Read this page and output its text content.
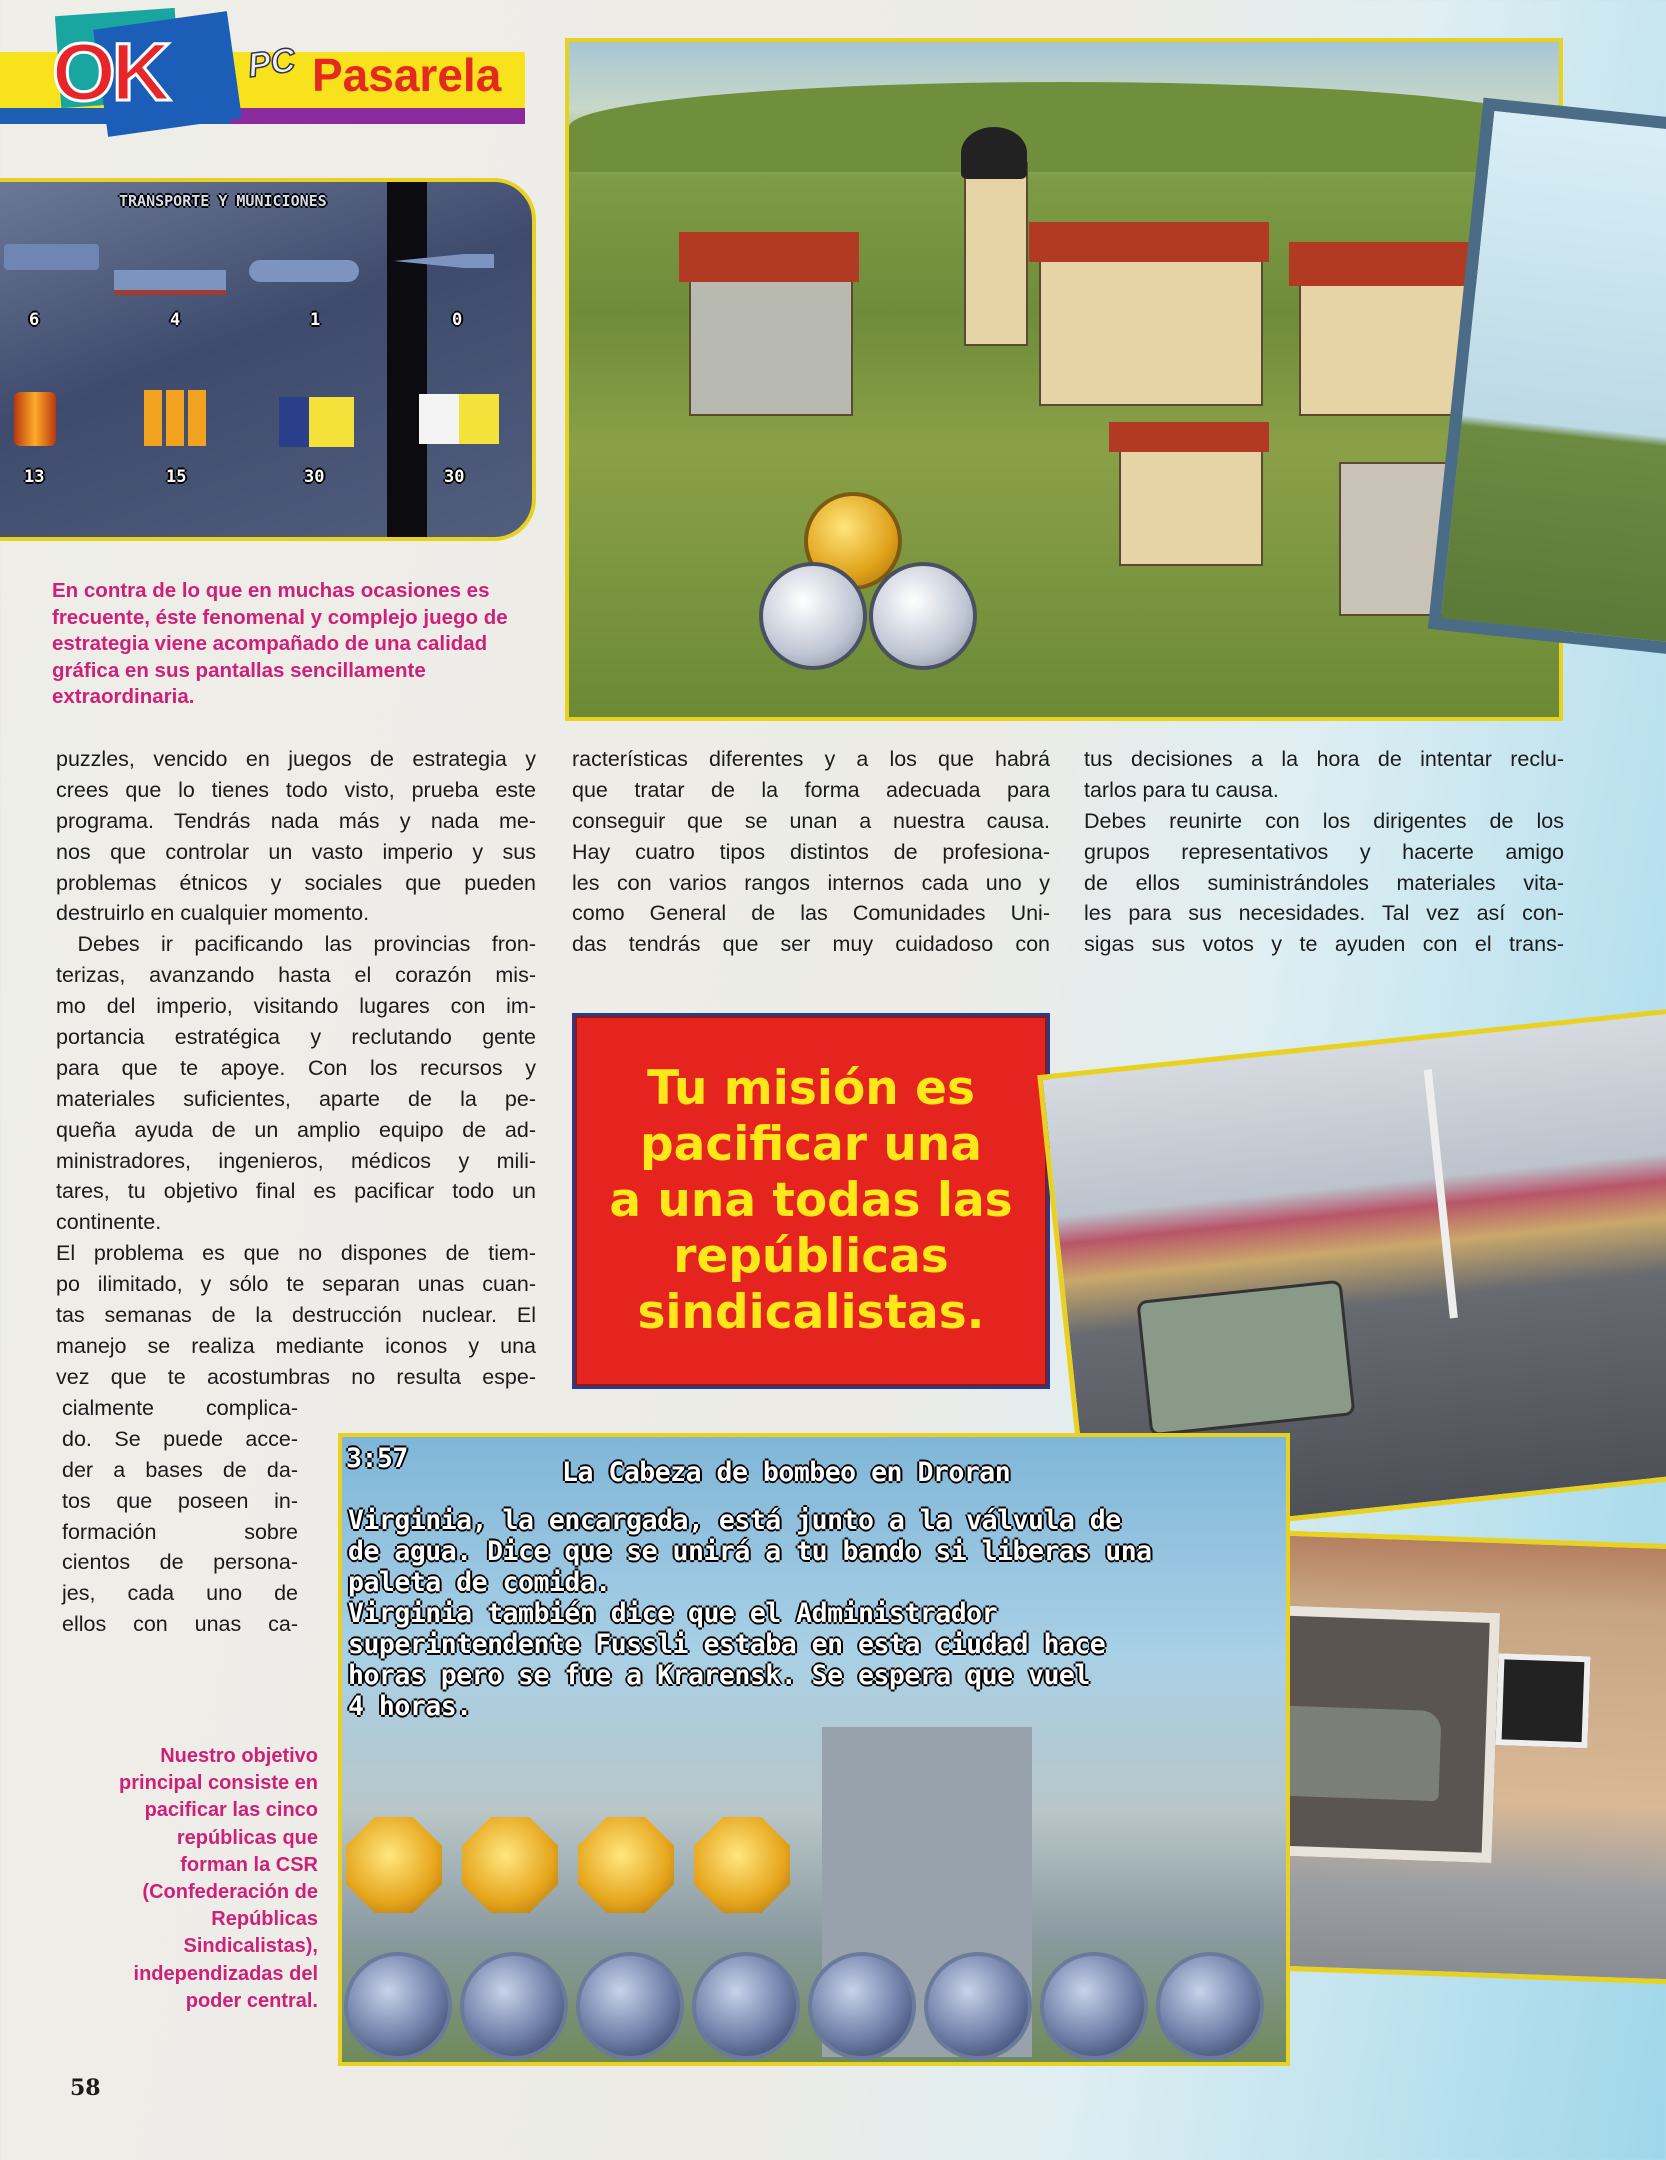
OK PC Pasarela
TRANSPORTE Y MUNICIONES
6	4	1	0
13	15	30	30
En contra de lo que en muchas ocasiones es frecuente, éste fenomenal y complejo juego de estrategia viene acompañado de una calidad gráfica en sus pantallas sencillamente extraordinaria.
puzzles, vencido en juegos de estrategia y
crees que lo tienes todo visto, prueba este
programa. Tendrás nada más y nada me-
nos que controlar un vasto imperio y sus
problemas étnicos y sociales que pueden
destruirlo en cualquier momento.
Debes ir pacificando las provincias fron-
terizas, avanzando hasta el corazón mis-
mo del imperio, visitando lugares con im-
portancia estratégica y reclutando gente
para que te apoye. Con los recursos y
materiales suficientes, aparte de la pe-
queña ayuda de un amplio equipo de ad-
ministradores, ingenieros, médicos y mili-
tares, tu objetivo final es pacificar todo un
continente.
El problema es que no dispones de tiem-
po ilimitado, y sólo te separan unas cuan-
tas semanas de la destrucción nuclear. El
manejo se realiza mediante iconos y una
vez que te acostumbras no resulta espe-
cialmente complica-
do. Se puede acce-
der a bases de da-
tos que poseen in-
formación sobre
cientos de persona-
jes, cada uno de
ellos con unas ca-
racterísticas diferentes y a los que habrá
que tratar de la forma adecuada para
conseguir que se unan a nuestra causa.
Hay cuatro tipos distintos de profesiona-
les con varios rangos internos cada uno y
como General de las Comunidades Uni-
das tendrás que ser muy cuidadoso con
tus decisiones a la hora de intentar reclu-
tarlos para tu causa.
Debes reunirte con los dirigentes de los
grupos representativos y hacerte amigo
de ellos suministrándoles materiales vita-
les para sus necesidades. Tal vez así con-
sigas sus votos y te ayuden con el trans-
Tu misión es
pacificar una
a una todas las
repúblicas
sindicalistas.
3:57	La Cabeza de bombeo en Droran
Virginia, la encargada, está junto a la válvula de
de agua. Dice que se unirá a tu bando si liberas una
paleta de comida.
Virginia también dice que el Administrador
superintendente Fussli estaba en esta ciudad hace
horas pero se fue a Krarensk. Se espera que vuel
4 horas.
Nuestro objetivo principal consiste en pacificar las cinco repúblicas que forman la CSR (Confederación de Repúblicas Sindicalistas), independizadas del poder central.
58
